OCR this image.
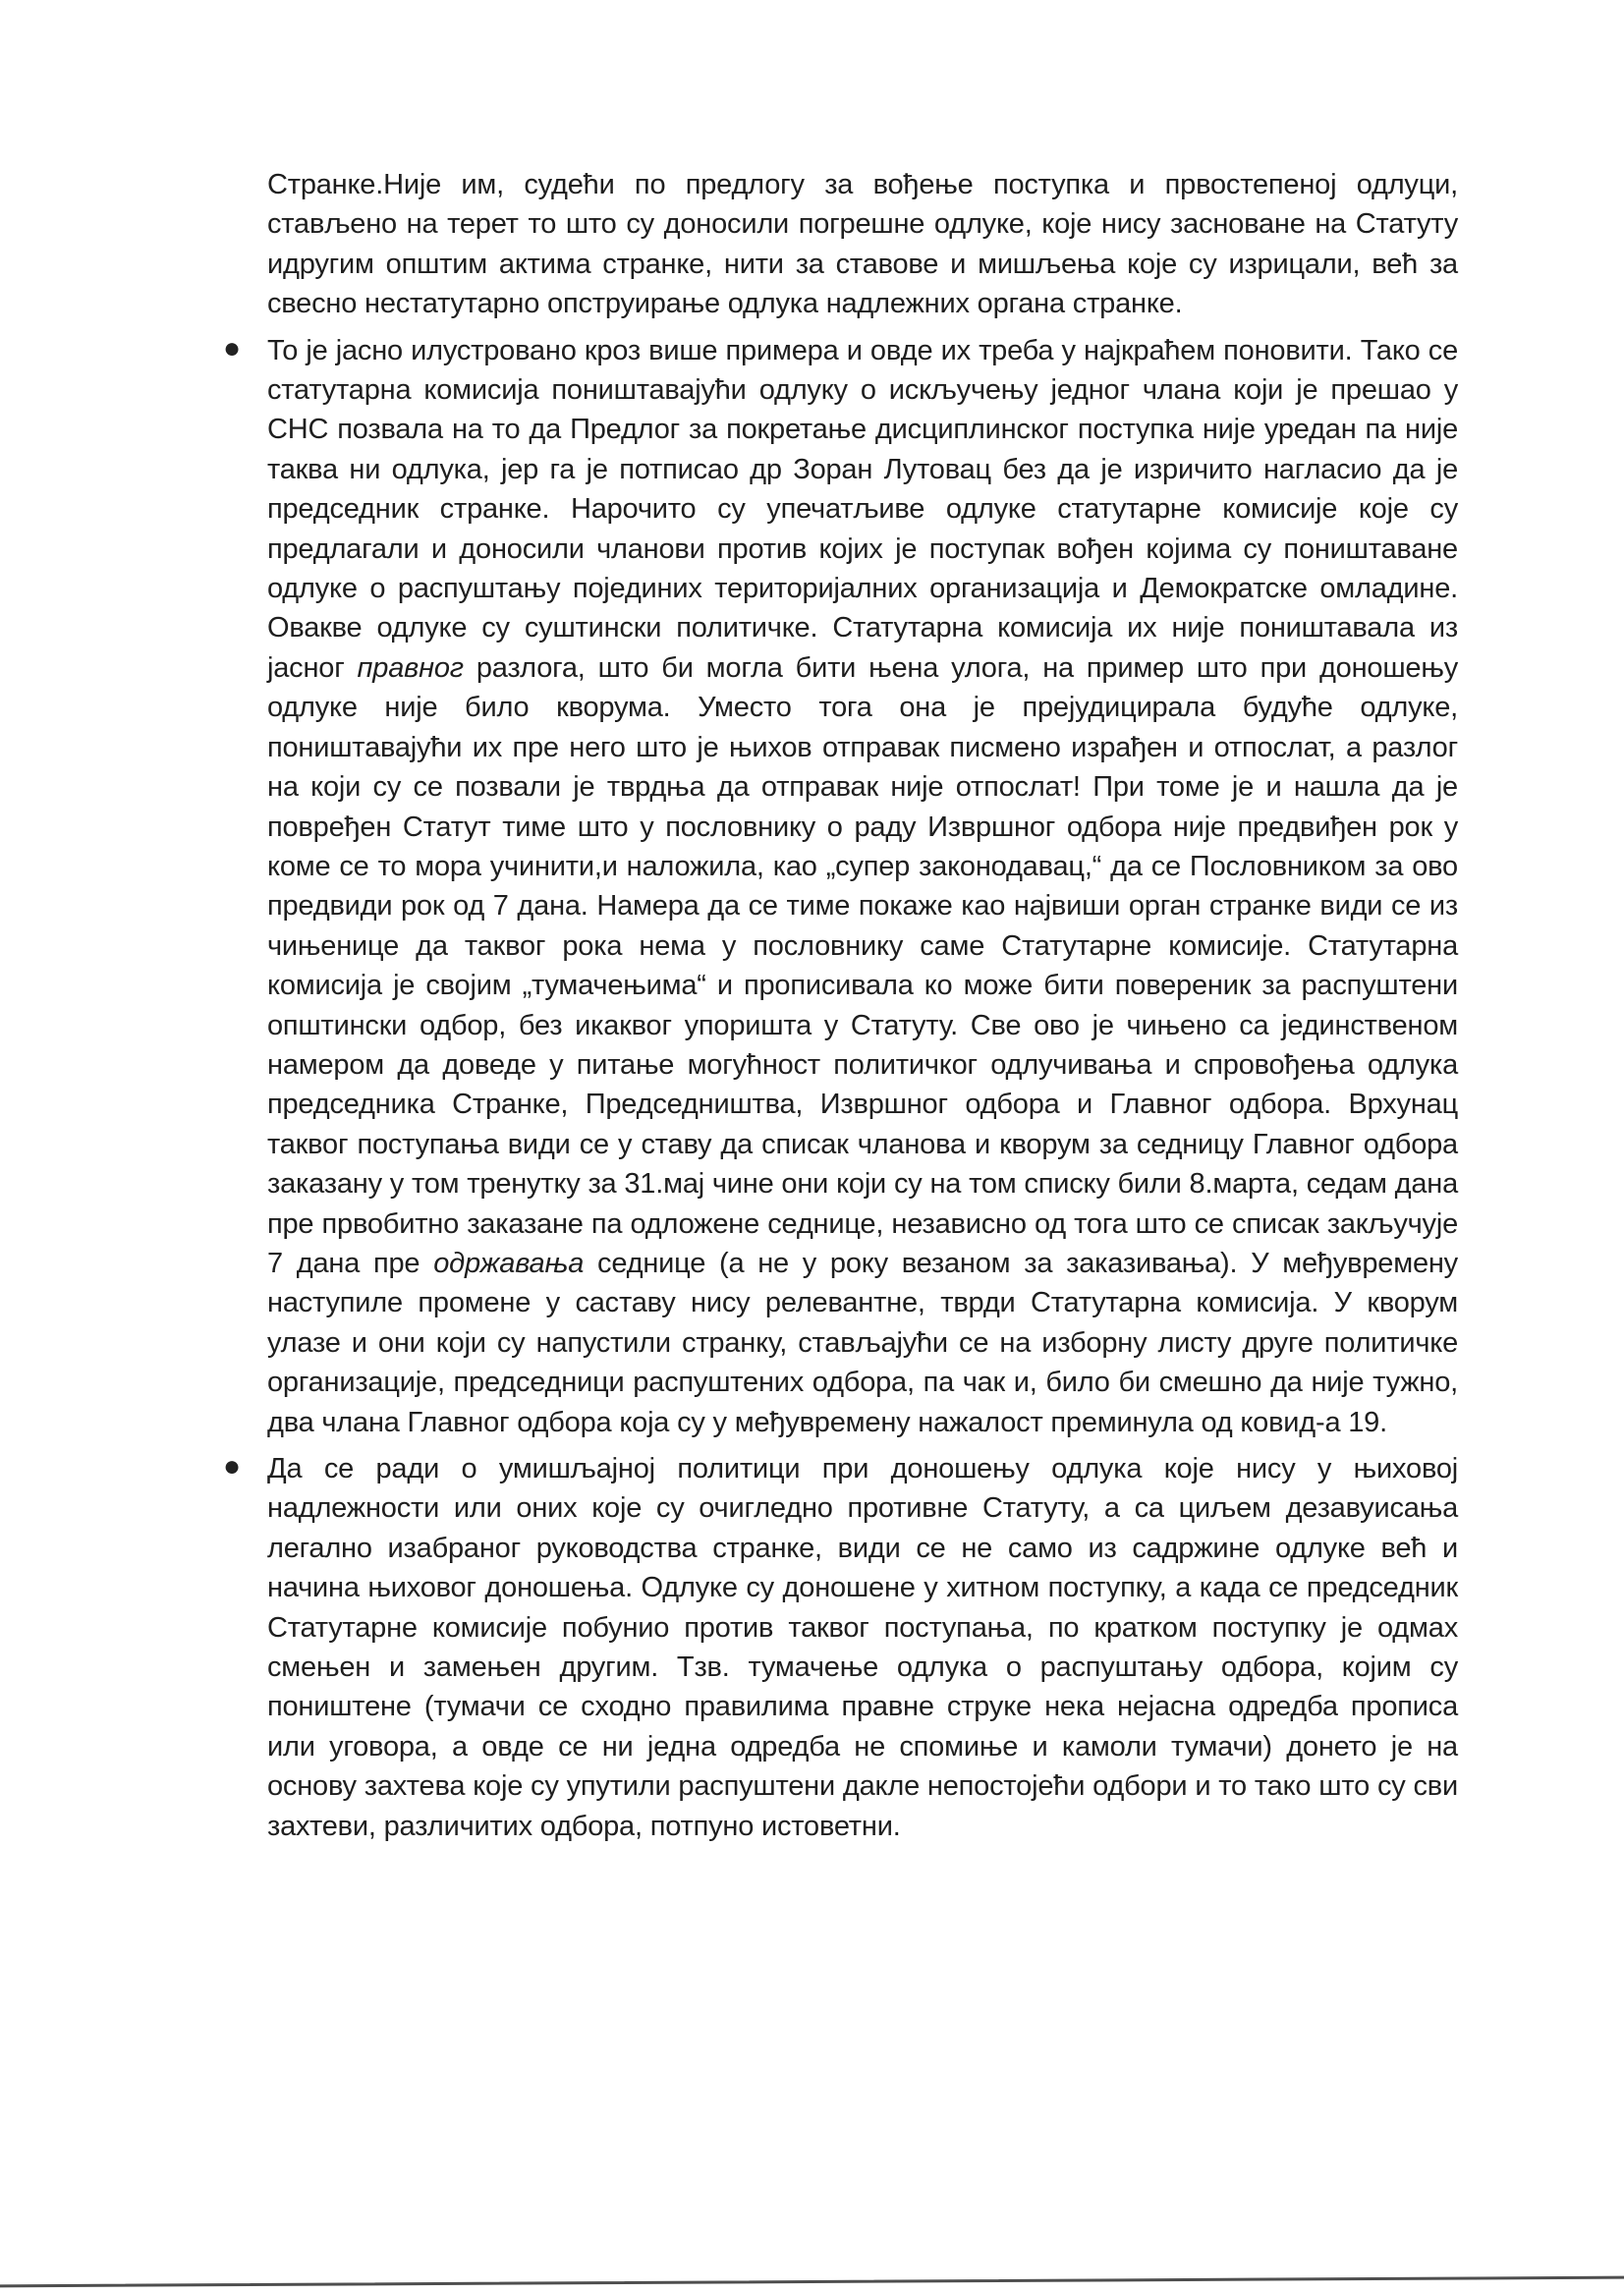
Странке.Није им, судећи по предлогу за вођење поступка и првостепеној одлуци, стављено на терет то што су доносили погрешне одлуке, које нису засноване на Статуту идругим општим актима странке, нити за ставове и мишљења које су изрицали, већ за свесно нестатутарно опструирање одлука надлежних органа странке.
● То је јасно илустровано кроз више примера и овде их треба у најкраћем поновити. Тако се статутарна комисија поништавајући одлуку о искључењу једног члана који је прешао у СНС позвала на то да Предлог за покретање дисциплинског поступка није уредан па није таква ни одлука, јер га је потписао др Зоран Лутовац без да је изричито нагласио да је председник странке. Нарочито су упечатљиве одлуке статутарне комисије које су предлагали и доносили чланови против којих је поступак вођен којима су поништаване одлуке о распуштању појединих територијалних организација и Демократске омладине. Овакве одлуке су суштински политичке. Статутарна комисија их није поништавала из јасног правног разлога, што би могла бити њена улога, на пример што при доношењу одлуке није било кворума. Уместо тога она је прејудицирала будуће одлуке, поништавајући их пре него што је њихов отправак писмено израђен и отпослат, а разлог на који су се позвали је тврдња да отправак није отпослат! При томе је и нашла да је повређен Статут тиме што у пословнику о раду Извршног одбора није предвиђен рок у коме се то мора учинити,и наложила, као „супер законодавац,“ да се Пословником за ово предвиди рок од 7 дана. Намера да се тиме покаже као највиши орган странке види се из чињенице да таквог рока нема у пословнику саме Статутарне комисије. Статутарна комисија је својим „тумачењима“ и прописивала ко може бити повереник за распуштени општински одбор, без икаквог упоришта у Статуту. Све ово је чињено са јединственом намером да доведе у питање могућност политичког одлучивања и спровођења одлука председника Странке, Председништва, Извршног одбора и Главног одбора. Врхунац таквог поступања види се у ставу да списак чланова и кворум за седницу Главног одбора заказану у том тренутку за 31.мај чине они који су на том списку били 8.марта, седам дана пре првобитно заказане па одложене седнице, независно од тога што се списак закључује 7 дана пре одржавања седнице (а не у року везаном за заказивања). У међувремену наступиле промене у саставу нису релевантне, тврди Статутарна комисија. У кворум улазе и они који су напустили странку, стављајући се на изборну листу друге политичке организације, председници распуштених одбора, па чак и, било би смешно да није тужно, два члана Главног одбора која су у међувремену нажалост преминула од ковид-а 19.
● Да се ради о умишљајној политици при доношењу одлука које нису у њиховој надлежности или оних које су очигледно противне Статуту, а са циљем дезавуисања легално изабраног руководства странке, види се не само из садржине одлуке већ и начина њиховог доношења. Одлуке су доношене у хитном поступку, а када се председник Статутарне комисије побунио против таквог поступања, по кратком поступку је одмах смењен и замењен другим. Тзв. тумачење одлука о распуштању одбора, којим су поништене (тумачи се сходно правилима правне струке нека нејасна одредба прописа или уговора, а овде се ни једна одредба не спомиње и камоли тумачи) донето је на основу захтева које су упутили распуштени дакле непостојећи одбори и то тако што су сви захтеви, различитих одбора, потпуно истоветни.
